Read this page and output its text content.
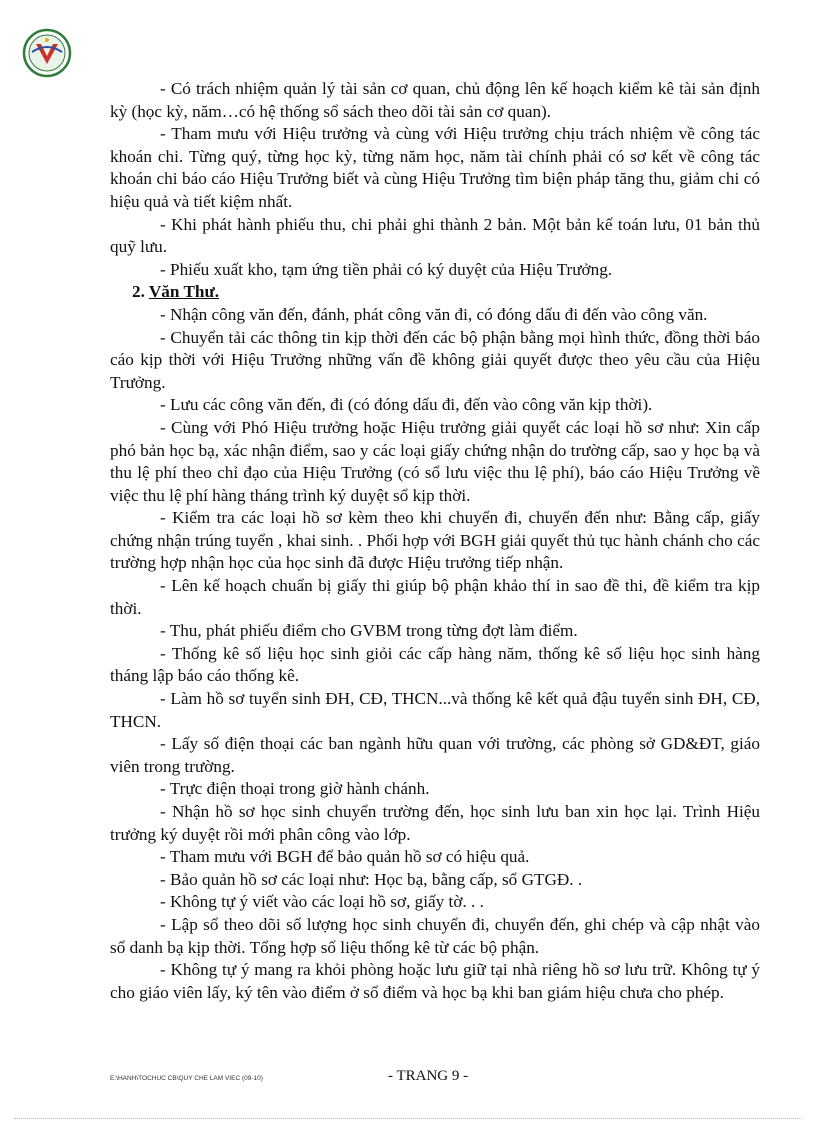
- Có trách nhiệm quản lý tài sản cơ quan, chủ động lên kế hoạch kiểm kê tài sản định kỳ (học kỳ, năm…có hệ thống sổ sách theo dõi tài sản cơ quan).

- Tham mưu với Hiệu trưởng và cùng với Hiệu trưởng chịu trách nhiệm về công tác khoán chi. Từng quý, từng học kỳ, từng năm học, năm tài chính phải có sơ kết về công tác khoán chi báo cáo Hiệu Trưởng biết và cùng Hiệu Trưởng tìm biện pháp tăng thu, giảm chi có hiệu quả và tiết kiệm nhất.

- Khi phát hành phiếu thu, chi phải ghi thành 2 bản. Một bản kế toán lưu, 01 bản thủ quỹ lưu.

- Phiếu xuất kho, tạm ứng tiền phải có ký duyệt của Hiệu Trưởng.

2. Văn Thư.

- Nhận công văn đến, đánh, phát công văn đi, có đóng dấu đi đến vào công văn.

- Chuyển tải các thông tin kịp thời đến các bộ phận bằng mọi hình thức, đồng thời báo cáo kịp thời với Hiệu Trưởng những vấn đề không giải quyết được theo yêu cầu của Hiệu Trưởng.

- Lưu các công văn đến, đi (có đóng dấu đi, đến vào công văn kịp thời).

- Cùng với Phó Hiệu trưởng hoặc Hiệu trưởng giải quyết các loại hồ sơ như: Xin cấp phó bản học bạ, xác nhận điểm, sao y các loại giấy chứng nhận do trường cấp, sao y học bạ và thu lệ phí theo chỉ đạo của Hiệu Trưởng (có sổ lưu việc thu lệ phí), báo cáo Hiệu Trưởng về việc thu lệ phí hàng tháng trình ký duyệt sổ kịp thời.

- Kiểm tra các loại hồ sơ kèm theo khi chuyển đi, chuyển đến như: Bằng cấp, giấy chứng nhận trúng tuyển , khai sinh. . Phối hợp với BGH giải quyết thủ tục hành chánh cho các trường hợp nhận học của học sinh đã được Hiệu trưởng tiếp nhận.

- Lên kế hoạch chuẩn bị giấy thi giúp bộ phận khảo thí in sao đề thi, đề kiểm tra kịp thời.

- Thu, phát phiếu điểm cho GVBM trong từng đợt làm điểm.

- Thống kê số liệu học sinh giỏi các cấp hàng năm, thống kê số liệu học sinh hàng tháng lập báo cáo thống kê.

- Làm hồ sơ tuyển sinh ĐH, CĐ, THCN...và thống kê kết quả đậu tuyển sinh ĐH, CĐ, THCN.

- Lấy số điện thoại các ban ngành hữu quan với trường, các phòng sở GD&ĐT, giáo viên trong trường.

- Trực điện thoại trong giờ hành chánh.

- Nhận hồ sơ học sinh chuyển trường đến, học sinh lưu ban xin học lại. Trình Hiệu trưởng ký duyệt rồi mới phân công vào lớp.

- Tham mưu với BGH để bảo quản hồ sơ có hiệu quả.

- Bảo quản hồ sơ các loại như: Học bạ, bằng cấp, sổ GTGĐ. .

- Không tự ý viết vào các loại hồ sơ, giấy tờ. . .

- Lập sổ theo dõi số lượng học sinh chuyển đi, chuyển đến, ghi chép và cập nhật vào sổ danh bạ kịp thời. Tổng hợp số liệu thống kê từ các bộ phận.

- Không tự ý mang ra khỏi phòng hoặc lưu giữ tại nhà riêng hồ sơ lưu trữ. Không tự ý cho giáo viên lấy, ký tên vào điểm ở sổ điểm và học bạ khi ban giám hiệu chưa cho phép.

E:\HANH\TOCHUC CB\QUY CHE LAM VIEC (09-10)	- TRANG 9 -
